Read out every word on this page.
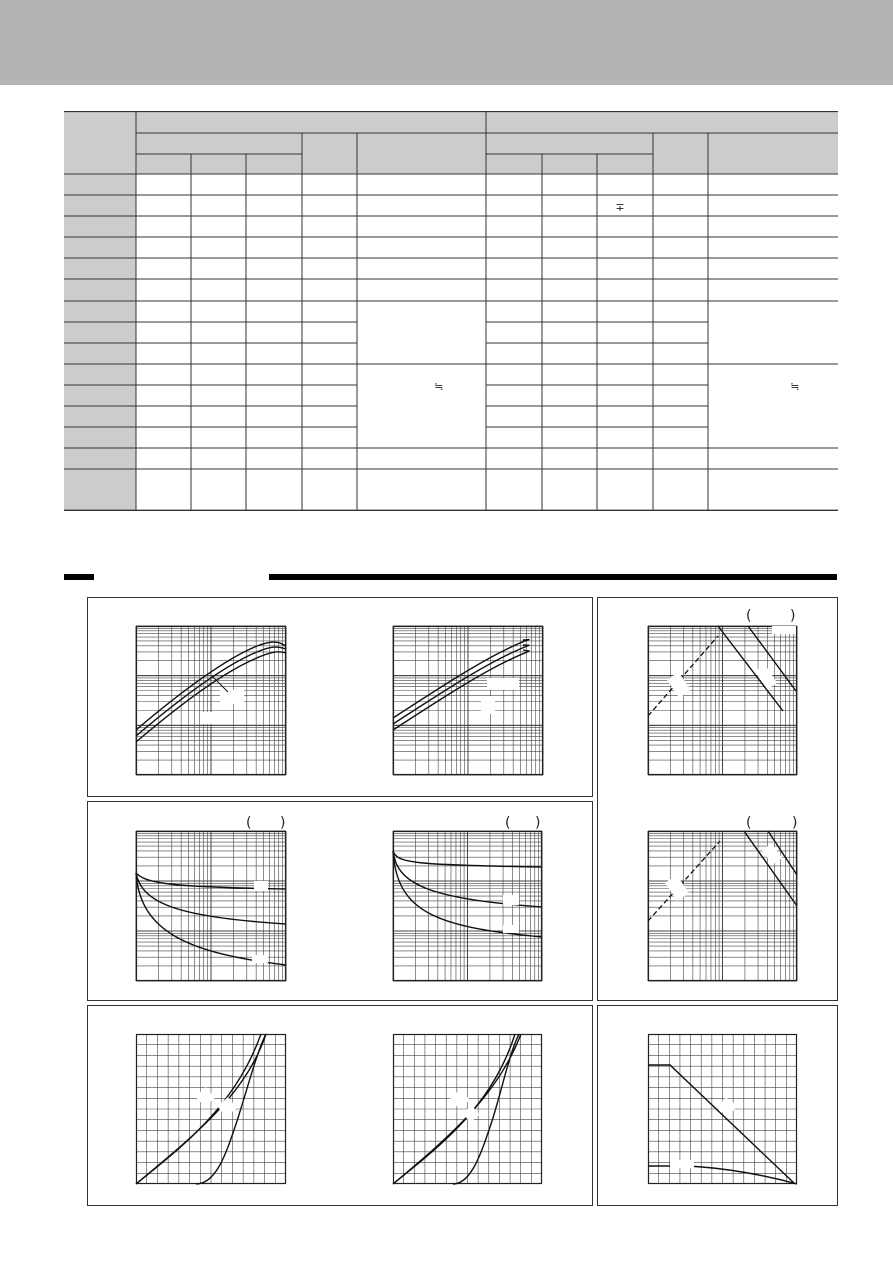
∓
≒	≒
(	)
( )	( )	(	)
